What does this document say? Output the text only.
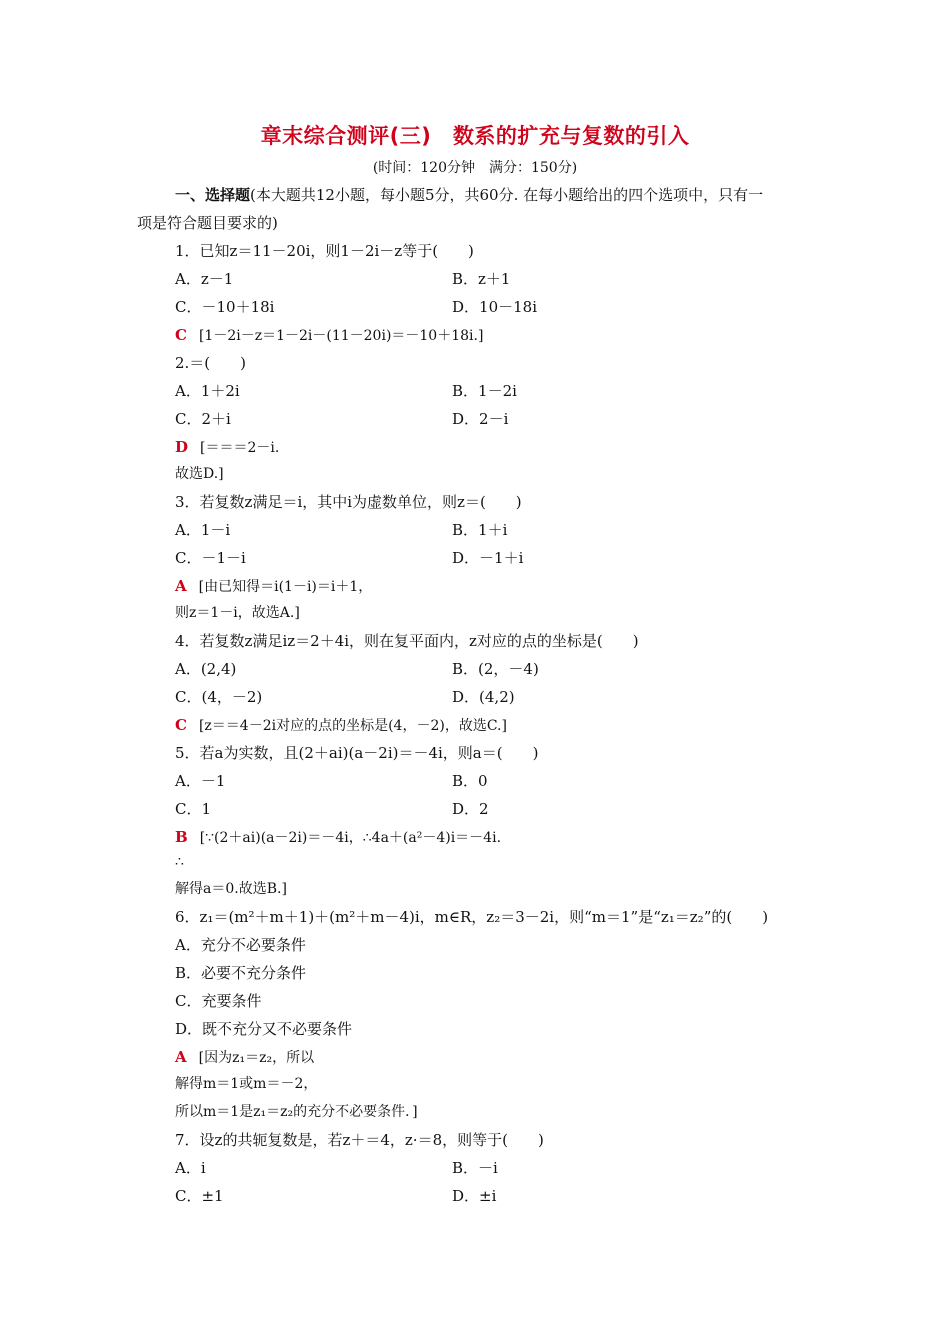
章末综合测评(三)　数系的扩充与复数的引入
(时间：120分钟　满分：150分)
一、选择题(本大题共12小题，每小题5分，共60分. 在每小题给出的四个选项中，只有一
项是符合题目要求的)
1．已知z＝11－20i，则1－2i－z等于(　　)
A．z－1	B．z＋1
C．－10＋18i	D．10－18i
C [1－2i－z＝1－2i－(11－20i)＝－10＋18i.]
2.＝(　　)
A．1＋2i	B．1－2i
C．2＋i	D．2－i
D [＝＝＝2－i.
故选D.]
3．若复数z满足＝i，其中i为虚数单位，则z＝(　　)
A．1－i	B．1＋i
C．－1－i	D．－1＋i
A [由已知得＝i(1－i)＝i＋1，
则z＝1－i，故选A.]
4．若复数z满足iz＝2＋4i，则在复平面内，z对应的点的坐标是(　　)
A．(2,4)	B．(2，－4)
C．(4，－2)	D．(4,2)
C [z＝＝4－2i对应的点的坐标是(4，－2)，故选C.]
5．若a为实数，且(2＋ai)(a－2i)＝－4i，则a＝(　　)
A．－1	B．0
C．1	D．2
B [∵(2＋ai)(a－2i)＝－4i，∴4a＋(a²－4)i＝－4i.
∴
解得a＝0.故选B.]
6．z₁＝(m²＋m＋1)＋(m²＋m－4)i，m∈R，z₂＝3－2i，则“m＝1”是“z₁＝z₂”的(　　)
A．充分不必要条件
B．必要不充分条件
C．充要条件
D．既不充分又不必要条件
A [因为z₁＝z₂，所以
解得m＝1或m＝－2，
所以m＝1是z₁＝z₂的充分不必要条件．]
7．设z的共轭复数是，若z＋＝4，z·＝8，则等于(　　)
A．i	B．－i
C．±1	D．±i
